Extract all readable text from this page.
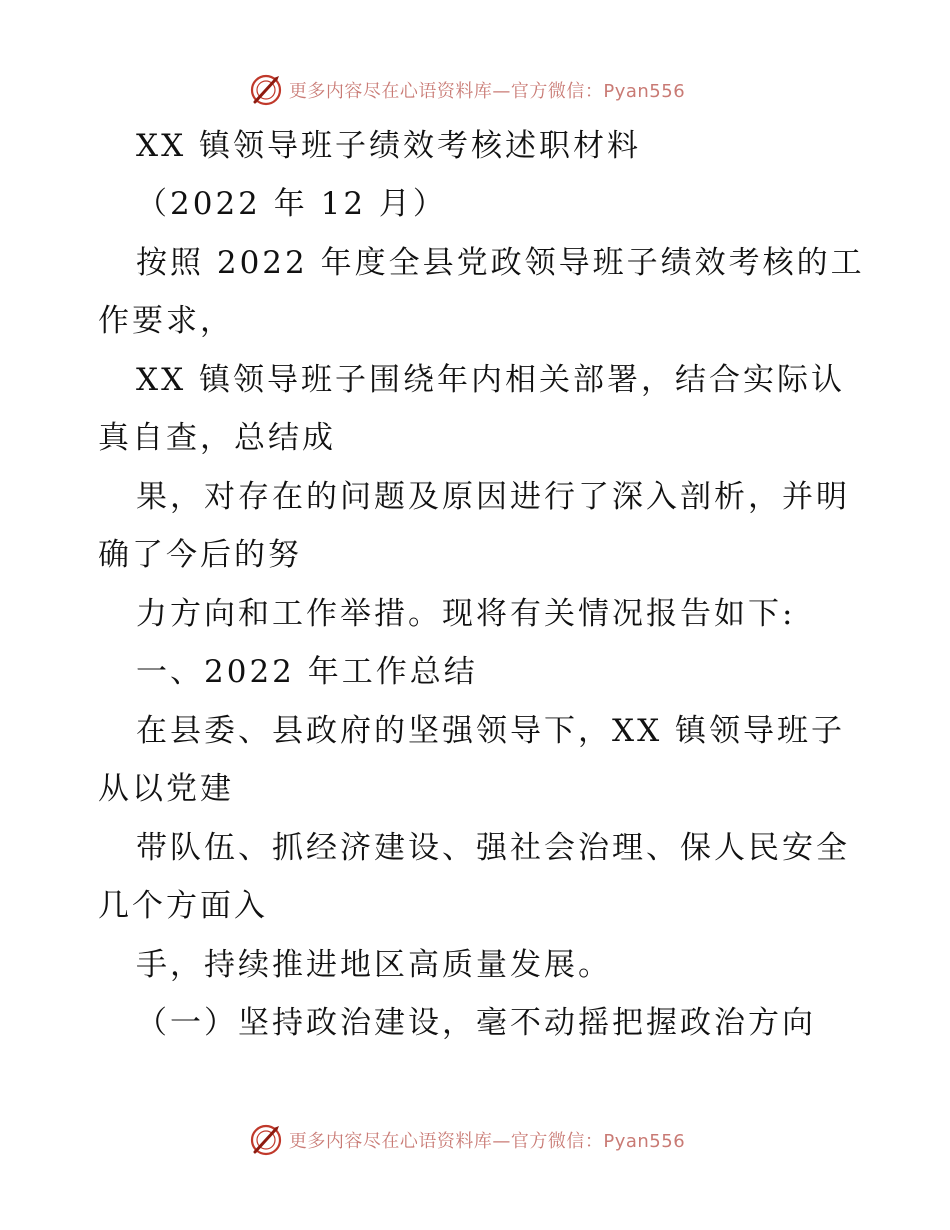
更多内容尽在心语资料库—官方微信：Pyan556
XX 镇领导班子绩效考核述职材料
（2022 年 12 月）
按照 2022 年度全县党政领导班子绩效考核的工
作要求，
XX 镇领导班子围绕年内相关部署，结合实际认
真自查，总结成
果，对存在的问题及原因进行了深入剖析，并明
确了今后的努
力方向和工作举措。现将有关情况报告如下:
一、2022 年工作总结
在县委、县政府的坚强领导下，XX 镇领导班子
从以党建
带队伍、抓经济建设、强社会治理、保人民安全
几个方面入
手，持续推进地区高质量发展。
（一）坚持政治建设，毫不动摇把握政治方向
更多内容尽在心语资料库—官方微信：Pyan556
